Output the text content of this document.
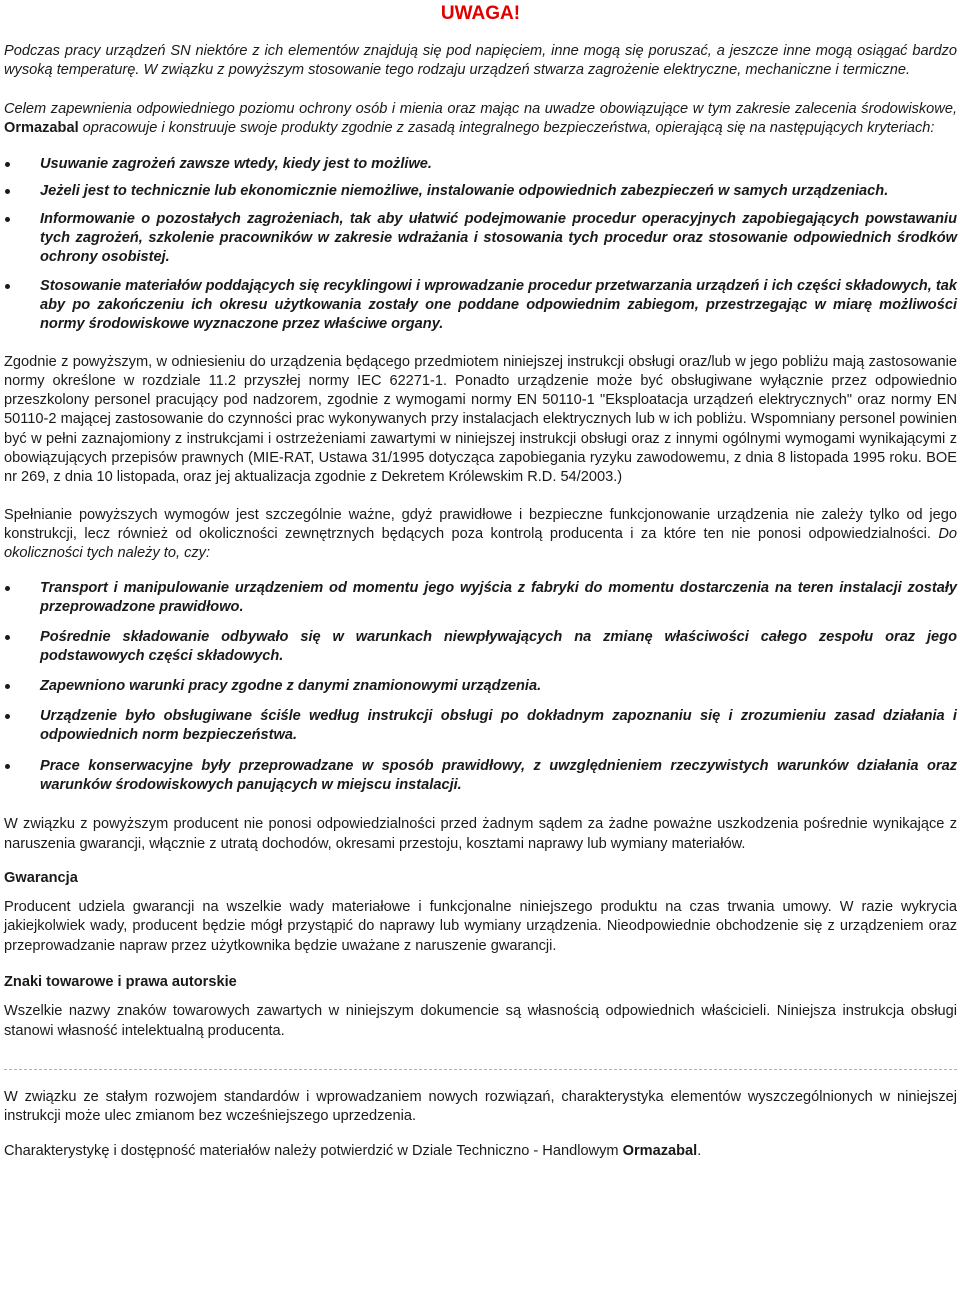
UWAGA!

Podczas pracy urządzeń SN niektóre z ich elementów znajdują się pod napięciem, inne mogą się poruszać, a jeszcze inne mogą osiągać bardzo wysoką temperaturę. W związku z powyższym stosowanie tego rodzaju urządzeń stwarza zagrożenie elektryczne, mechaniczne i termiczne.

Celem zapewnienia odpowiedniego poziomu ochrony osób i mienia oraz mając na uwadze obowiązujące w tym zakresie zalecenia środowiskowe, Ormazabal opracowuje i konstruuje swoje produkty zgodnie z zasadą integralnego bezpieczeństwa, opierającą się na następujących kryteriach:

Usuwanie zagrożeń zawsze wtedy, kiedy jest to możliwe.
Jeżeli jest to technicznie lub ekonomicznie niemożliwe, instalowanie odpowiednich zabezpieczeń w samych urządzeniach.
Informowanie o pozostałych zagrożeniach, tak aby ułatwić podejmowanie procedur operacyjnych zapobiegających powstawaniu tych zagrożeń, szkolenie pracowników w zakresie wdrażania i stosowania tych procedur oraz stosowanie odpowiednich środków ochrony osobistej.
Stosowanie materiałów poddających się recyklingowi i wprowadzanie procedur przetwarzania urządzeń i ich części składowych, tak aby po zakończeniu ich okresu użytkowania zostały one poddane odpowiednim zabiegom, przestrzegając w miarę możliwości normy środowiskowe wyznaczone przez właściwe organy.

Zgodnie z powyższym, w odniesieniu do urządzenia będącego przedmiotem niniejszej instrukcji obsługi oraz/lub w jego pobliżu mają zastosowanie normy określone w rozdziale 11.2 przyszłej normy IEC 62271-1. Ponadto urządzenie może być obsługiwane wyłącznie przez odpowiednio przeszkolony personel pracujący pod nadzorem, zgodnie z wymogami normy EN 50110-1 "Eksploatacja urządzeń elektrycznych" oraz normy EN 50110-2 mającej zastosowanie do czynności prac wykonywanych przy instalacjach elektrycznych lub w ich pobliżu. Wspomniany personel powinien być w pełni zaznajomiony z instrukcjami i ostrzeżeniami zawartymi w niniejszej instrukcji obsługi oraz z innymi ogólnymi wymogami wynikającymi z obowiązujących przepisów prawnych (MIE-RAT, Ustawa 31/1995 dotycząca zapobiegania ryzyku zawodowemu, z dnia 8 listopada 1995 roku. BOE nr 269, z dnia 10 listopada, oraz jej aktualizacja zgodnie z Dekretem Królewskim R.D. 54/2003.)

Spełnianie powyższych wymogów jest szczególnie ważne, gdyż prawidłowe i bezpieczne funkcjonowanie urządzenia nie zależy tylko od jego konstrukcji, lecz również od okoliczności zewnętrznych będących poza kontrolą producenta i za które ten nie ponosi odpowiedzialności. Do okoliczności tych należy to, czy:

Transport i manipulowanie urządzeniem od momentu jego wyjścia z fabryki do momentu dostarczenia na teren instalacji zostały przeprowadzone prawidłowo.
Pośrednie składowanie odbywało się w warunkach niewpływających na zmianę właściwości całego zespołu oraz jego podstawowych części składowych.
Zapewniono warunki pracy zgodne z danymi znamionowymi urządzenia.
Urządzenie było obsługiwane ściśle według instrukcji obsługi po dokładnym zapoznaniu się i zrozumieniu zasad działania i odpowiednich norm bezpieczeństwa.
Prace konserwacyjne były przeprowadzane w sposób prawidłowy, z uwzględnieniem rzeczywistych warunków działania oraz warunków środowiskowych panujących w miejscu instalacji.

W związku z powyższym producent nie ponosi odpowiedzialności przed żadnym sądem za żadne poważne uszkodzenia pośrednie wynikające z naruszenia gwarancji, włącznie z utratą dochodów, okresami przestoju, kosztami naprawy lub wymiany materiałów.

Gwarancja

Producent udziela gwarancji na wszelkie wady materiałowe i funkcjonalne niniejszego produktu na czas trwania umowy. W razie wykrycia jakiejkolwiek wady, producent będzie mógł przystąpić do naprawy lub wymiany urządzenia. Nieodpowiednie obchodzenie się z urządzeniem oraz przeprowadzanie napraw przez użytkownika będzie uważane z naruszenie gwarancji.

Znaki towarowe i prawa autorskie

Wszelkie nazwy znaków towarowych zawartych w niniejszym dokumencie są własnością odpowiednich właścicieli. Niniejsza instrukcja obsługi stanowi własność intelektualną producenta.

W związku ze stałym rozwojem standardów i wprowadzaniem nowych rozwiązań, charakterystyka elementów wyszczególnionych w niniejszej instrukcji może ulec zmianom bez wcześniejszego uprzedzenia.

Charakterystykę i dostępność materiałów należy potwierdzić w Dziale Techniczno - Handlowym Ormazabal.
